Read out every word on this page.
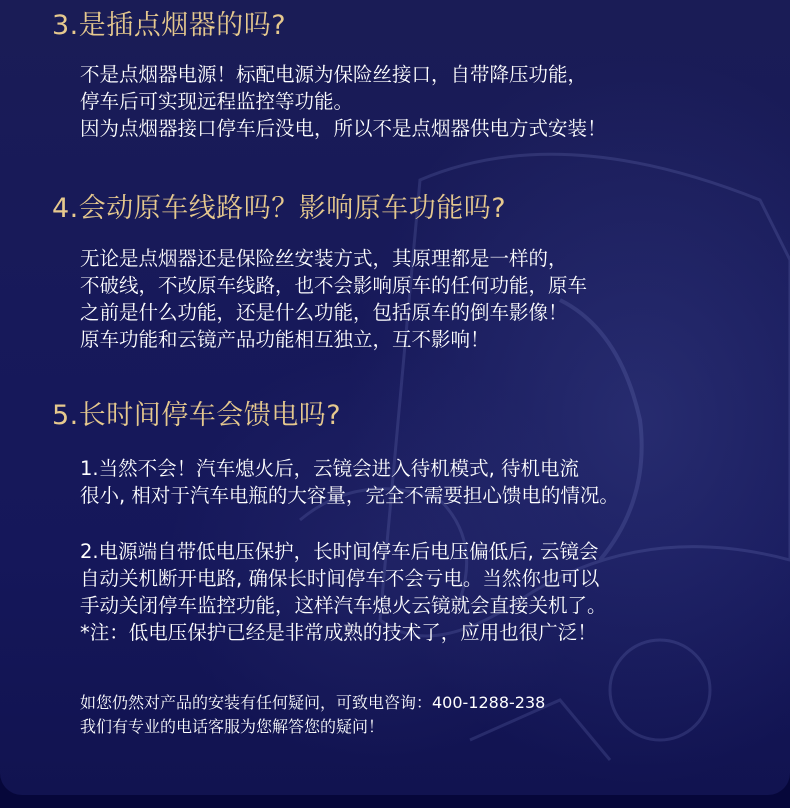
3.是插点烟器的吗?
不是点烟器电源！标配电源为保险丝接口，自带降压功能，
停车后可实现远程监控等功能。
因为点烟器接口停车后没电，所以不是点烟器供电方式安装！
4.会动原车线路吗？影响原车功能吗?
无论是点烟器还是保险丝安装方式，其原理都是一样的，
不破线，不改原车线路，也不会影响原车的任何功能，原车
之前是什么功能，还是什么功能，包括原车的倒车影像！
原车功能和云镜产品功能相互独立，互不影响！
5.长时间停车会馈电吗?
1.当然不会！汽车熄火后，云镜会进入待机模式, 待机电流
很小, 相对于汽车电瓶的大容量，完全不需要担心馈电的情况。
2.电源端自带低电压保护，长时间停车后电压偏低后, 云镜会
自动关机断开电路, 确保长时间停车不会亏电。当然你也可以
手动关闭停车监控功能，这样汽车熄火云镜就会直接关机了。
*注：低电压保护已经是非常成熟的技术了，应用也很广泛！
如您仍然对产品的安装有任何疑问，可致电咨询：400-1288-238
我们有专业的电话客服为您解答您的疑问！
